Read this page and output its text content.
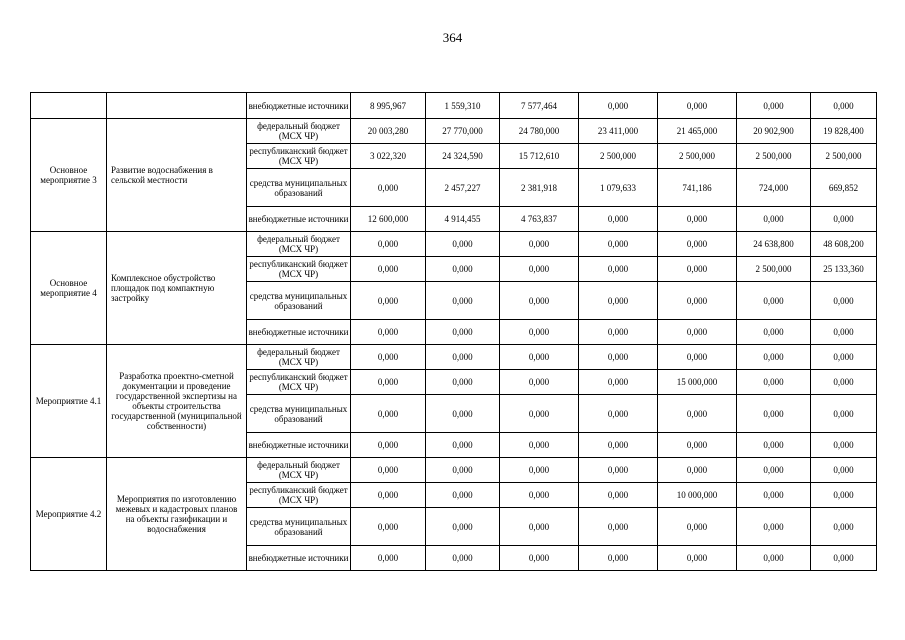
364
		внебюджетные источники	8 995,967	1 559,310	7 577,464	0,000	0,000	0,000	0,000
Основное мероприятие 3	Развитие водоснабжения в сельской местности	федеральный бюджет (МСХ ЧР)	20 003,280	27 770,000	24 780,000	23 411,000	21 465,000	20 902,900	19 828,400
		республиканский бюджет (МСХ ЧР)	3 022,320	24 324,590	15 712,610	2 500,000	2 500,000	2 500,000	2 500,000
		средства муниципальных образований	0,000	2 457,227	2 381,918	1 079,633	741,186	724,000	669,852
		внебюджетные источники	12 600,000	4 914,455	4 763,837	0,000	0,000	0,000	0,000
Основное мероприятие 4	Комплексное обустройство площадок под компактную застройку	федеральный бюджет (МСХ ЧР)	0,000	0,000	0,000	0,000	0,000	24 638,800	48 608,200
		республиканский бюджет (МСХ ЧР)	0,000	0,000	0,000	0,000	0,000	2 500,000	25 133,360
		средства муниципальных образований	0,000	0,000	0,000	0,000	0,000	0,000	0,000
		внебюджетные источники	0,000	0,000	0,000	0,000	0,000	0,000	0,000
Мероприятие 4.1	Разработка проектно-сметной документации и проведение государственной экспертизы на объекты строительства государственной (муниципальной собственности)	федеральный бюджет (МСХ ЧР)	0,000	0,000	0,000	0,000	0,000	0,000	0,000
		республиканский бюджет (МСХ ЧР)	0,000	0,000	0,000	0,000	15 000,000	0,000	0,000
		средства муниципальных образований	0,000	0,000	0,000	0,000	0,000	0,000	0,000
		внебюджетные источники	0,000	0,000	0,000	0,000	0,000	0,000	0,000
Мероприятие 4.2	Мероприятия по изготовлению межевых и кадастровых планов на объекты газификации и водоснабжения	федеральный бюджет (МСХ ЧР)	0,000	0,000	0,000	0,000	0,000	0,000	0,000
		республиканский бюджет (МСХ ЧР)	0,000	0,000	0,000	0,000	10 000,000	0,000	0,000
		средства муниципальных образований	0,000	0,000	0,000	0,000	0,000	0,000	0,000
		внебюджетные источники	0,000	0,000	0,000	0,000	0,000	0,000	0,000
